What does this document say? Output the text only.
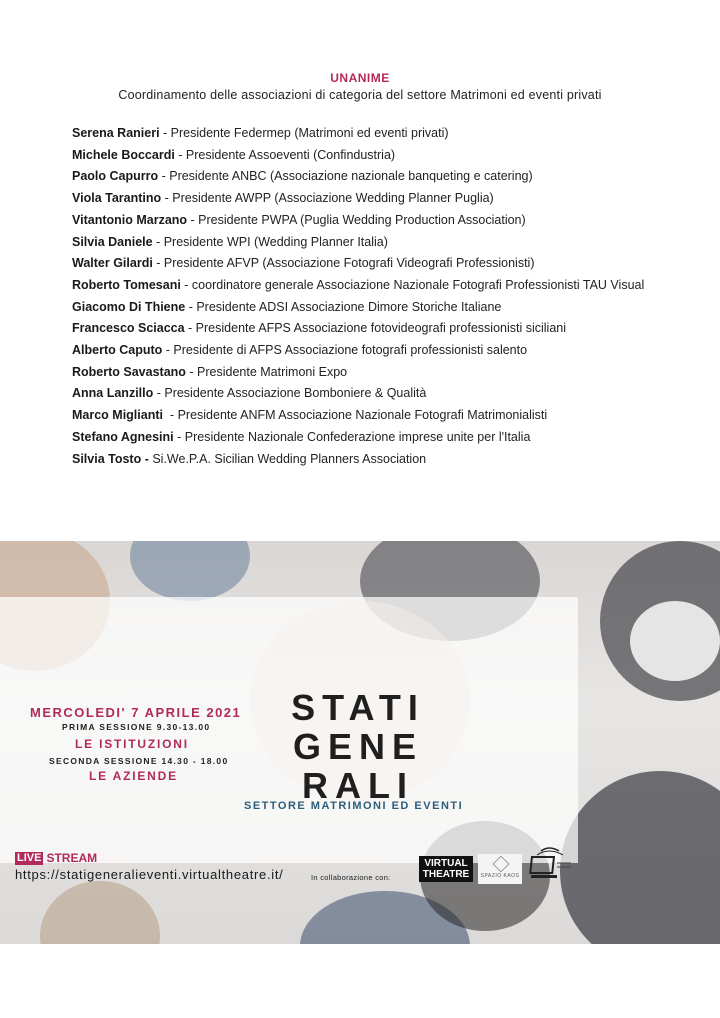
UNANIME
Coordinamento delle associazioni di categoria del settore Matrimoni ed eventi privati
Serena Ranieri - Presidente Federmep (Matrimoni ed eventi privati)
Michele Boccardi - Presidente Assoeventi (Confindustria)
Paolo Capurro - Presidente ANBC (Associazione nazionale banqueting e catering)
Viola Tarantino - Presidente AWPP (Associazione Wedding Planner Puglia)
Vitantonio Marzano - Presidente PWPA (Puglia Wedding Production Association)
Silvia Daniele - Presidente WPI (Wedding Planner Italia)
Walter Gilardi - Presidente AFVP (Associazione Fotografi Videografi Professionisti)
Roberto Tomesani - coordinatore generale Associazione Nazionale Fotografi Professionisti TAU Visual
Giacomo Di Thiene - Presidente ADSI Associazione Dimore Storiche Italiane
Francesco Sciacca - Presidente AFPS Associazione fotovideografi professionisti siciliani
Alberto Caputo - Presidente di AFPS Associazione fotografi professionisti salento
Roberto Savastano - Presidente Matrimoni Expo
Anna Lanzillo - Presidente Associazione Bomboniere & Qualità
Marco Miglianti  - Presidente ANFM Associazione Nazionale Fotografi Matrimonialisti
Stefano Agnesini - Presidente Nazionale Confederazione imprese unite per l'Italia
Silvia Tosto - Si.We.P.A. Sicilian Wedding Planners Association
MERCOLEDI' 7 APRILE 2021
PRIMA SESSIONE 9.30-13.00
LE ISTITUZIONI
SECONDA SESSIONE 14.30 - 18.00
LE AZIENDE
STATI
GENE
RALI
SETTORE MATRIMONI ED EVENTI
LIVE STREAM
https://statigeneralieventi.virtualtheatre.it/	In collaborazione con:
VIRTUAL
THEATRE	SPAZIO KAOS
